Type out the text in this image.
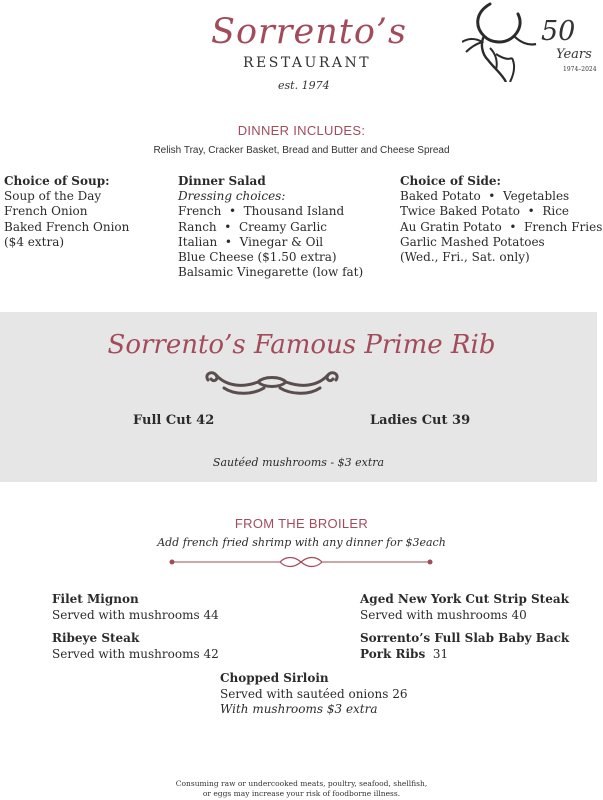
Sorrento’s
RESTAURANT
est. 1974
50
Years
1974–2024
DINNER INCLUDES:
Relish Tray, Cracker Basket, Bread and Butter and Cheese Spread
Choice of Soup:
Soup of the Day
French Onion
Baked French Onion
($4 extra)
Dinner Salad
Dressing choices:
French  •  Thousand Island
Ranch  •  Creamy Garlic
Italian  •  Vinegar & Oil
Blue Cheese ($1.50 extra)
Balsamic Vinegarette (low fat)
Choice of Side:
Baked Potato  •  Vegetables
Twice Baked Potato  •  Rice
Au Gratin Potato  •  French Fries
Garlic Mashed Potatoes
(Wed., Fri., Sat. only)
Sorrento’s Famous Prime Rib
Full Cut 42	Ladies Cut 39
Sautéed mushrooms - $3 extra
FROM THE BROILER
Add french fried shrimp with any dinner for $3each
Filet Mignon
Served with mushrooms 44
Aged New York Cut Strip Steak
Served with mushrooms 40
Ribeye Steak
Served with mushrooms 42
Sorrento’s Full Slab Baby Back
Pork Ribs 31
Chopped Sirloin
Served with sautéed onions 26
With mushrooms $3 extra
Consuming raw or undercooked meats, poultry, seafood, shellfish,
or eggs may increase your risk of foodborne illness.
